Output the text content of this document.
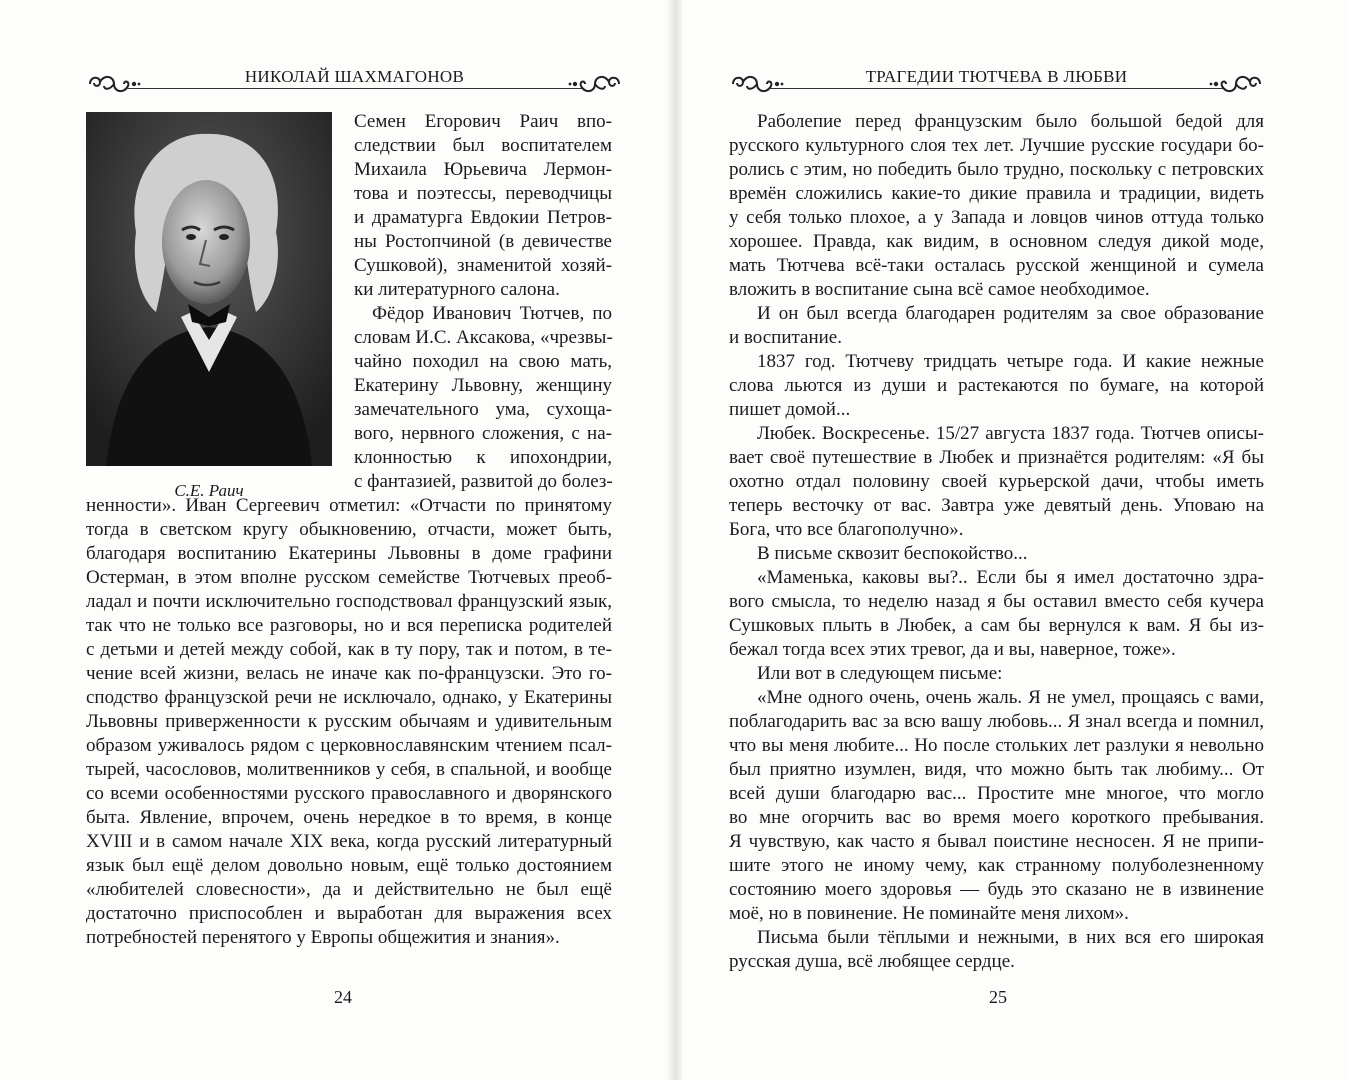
НИКОЛАЙ ШАХМАГОНОВ
С.Е. Раич
Семен Егорович Раич впо-
следствии был воспитателем
Михаила Юрьевича Лермон-
това и поэтессы, переводчицы
и драматурга Евдокии Петров-
ны Ростопчиной (в девичестве
Сушковой), знаменитой хозяй-
ки литературного салона.
Фёдор Иванович Тютчев, по
словам И.С. Аксакова, «чрезвы-
чайно походил на свою мать,
Екатерину Львовну, женщину
замечательного ума, сухоща-
вого, нервного сложения, с на-
клонностью к ипохондрии,
с фантазией, развитой до болез-
ненности». Иван Сергеевич отметил: «Отчасти по принятому
тогда в светском кругу обыкновению, отчасти, может быть,
благодаря воспитанию Екатерины Львовны в доме графини
Остерман, в этом вполне русском семействе Тютчевых преоб-
ладал и почти исключительно господствовал французский язык,
так что не только все разговоры, но и вся переписка родителей
с детьми и детей между собой, как в ту пору, так и потом, в те-
чение всей жизни, велась не иначе как по-французски. Это го-
сподство французской речи не исключало, однако, у Екатерины
Львовны приверженности к русским обычаям и удивительным
образом уживалось рядом с церковнославянским чтением псал-
тырей, часословов, молитвенников у себя, в спальной, и вообще
со всеми особенностями русского православного и дворянского
быта. Явление, впрочем, очень нередкое в то время, в конце
XVIII и в самом начале XIX века, когда русский литературный
язык был ещё делом довольно новым, ещё только достоянием
«любителей словесности», да и действительно не был ещё
достаточно приспособлен и выработан для выражения всех
потребностей перенятого у Европы общежития и знания».
24
ТРАГЕДИИ ТЮТЧЕВА В ЛЮБВИ
Раболепие перед французским было большой бедой для
русского культурного слоя тех лет. Лучшие русские государи бо-
ролись с этим, но победить было трудно, поскольку с петровских
времён сложились какие-то дикие правила и традиции, видеть
у себя только плохое, а у Запада и ловцов чинов оттуда только
хорошее. Правда, как видим, в основном следуя дикой моде,
мать Тютчева всё-таки осталась русской женщиной и сумела
вложить в воспитание сына всё самое необходимое.
И он был всегда благодарен родителям за свое образование
и воспитание.
1837 год. Тютчеву тридцать четыре года. И какие нежные
слова льются из души и растекаются по бумаге, на которой
пишет домой...
Любек. Воскресенье. 15/27 августа 1837 года. Тютчев описы-
вает своё путешествие в Любек и признаётся родителям: «Я бы
охотно отдал половину своей курьерской дачи, чтобы иметь
теперь весточку от вас. Завтра уже девятый день. Уповаю на
Бога, что все благополучно».
В письме сквозит беспокойство...
«Маменька, каковы вы?.. Если бы я имел достаточно здра-
вого смысла, то неделю назад я бы оставил вместо себя кучера
Сушковых плыть в Любек, а сам бы вернулся к вам. Я бы из-
бежал тогда всех этих тревог, да и вы, наверное, тоже».
Или вот в следующем письме:
«Мне одного очень, очень жаль. Я не умел, прощаясь с вами,
поблагодарить вас за всю вашу любовь... Я знал всегда и помнил,
что вы меня любите... Но после стольких лет разлуки я невольно
был приятно изумлен, видя, что можно быть так любиму... От
всей души благодарю вас... Простите мне многое, что могло
во мне огорчить вас во время моего короткого пребывания.
Я чувствую, как часто я бывал поистине несносен. Я не припи-
шите этого не иному чему, как странному полуболезненному
состоянию моего здоровья — будь это сказано не в извинение
моё, но в повинение. Не поминайте меня лихом».
Письма были тёплыми и нежными, в них вся его широкая
русская душа, всё любящее сердце.
25
